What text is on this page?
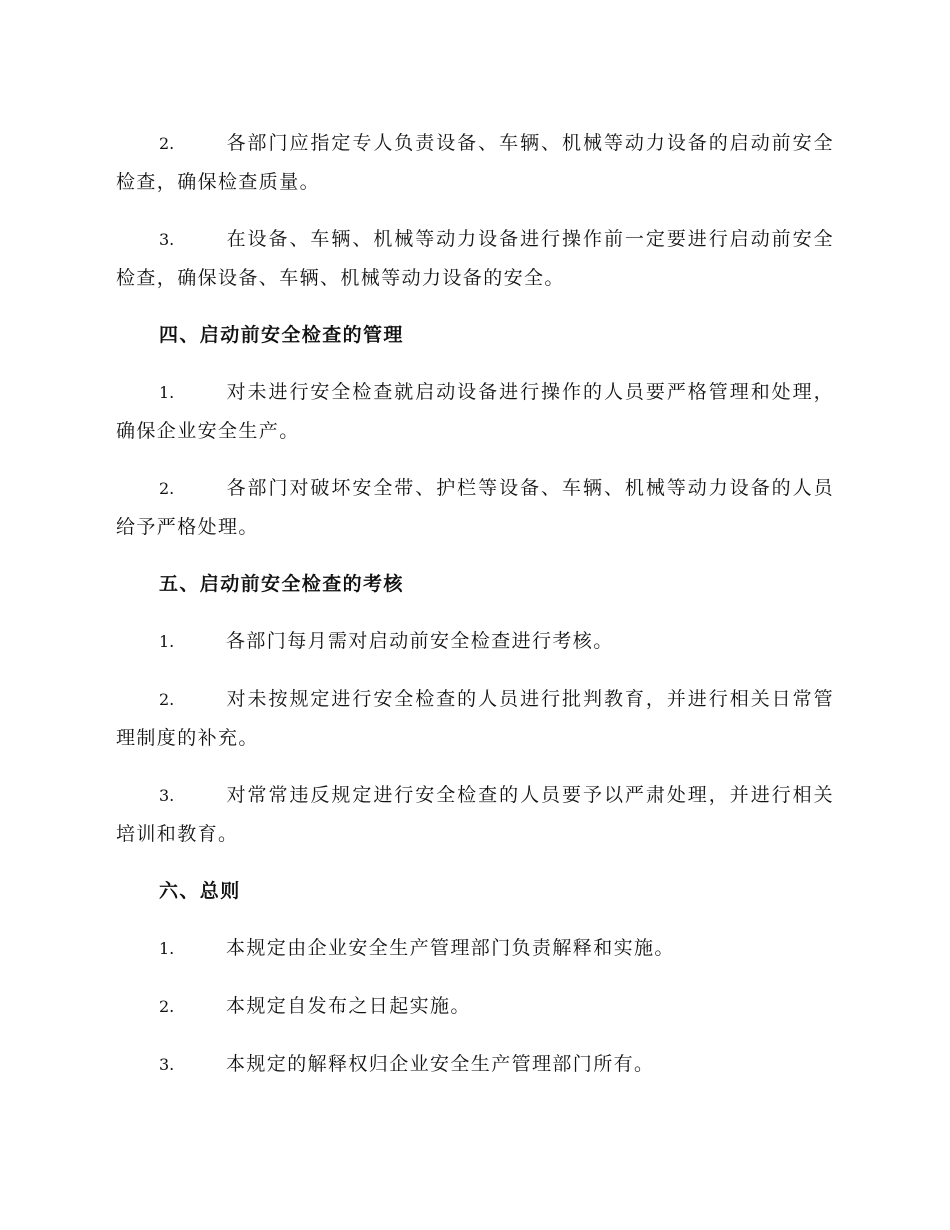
2.	各部门应指定专人负责设备、车辆、机械等动力设备的启动前安全检查，确保检查质量。

3.	在设备、车辆、机械等动力设备进行操作前一定要进行启动前安全检查，确保设备、车辆、机械等动力设备的安全。

四、启动前安全检查的管理

1.	对未进行安全检查就启动设备进行操作的人员要严格管理和处理，确保企业安全生产。

2.	各部门对破坏安全带、护栏等设备、车辆、机械等动力设备的人员给予严格处理。

五、启动前安全检查的考核

1.	各部门每月需对启动前安全检查进行考核。

2.	对未按规定进行安全检查的人员进行批判教育，并进行相关日常管理制度的补充。

3.	对常常违反规定进行安全检查的人员要予以严肃处理，并进行相关培训和教育。

六、总则

1.	本规定由企业安全生产管理部门负责解释和实施。

2.	本规定自发布之日起实施。

3.	本规定的解释权归企业安全生产管理部门所有。
